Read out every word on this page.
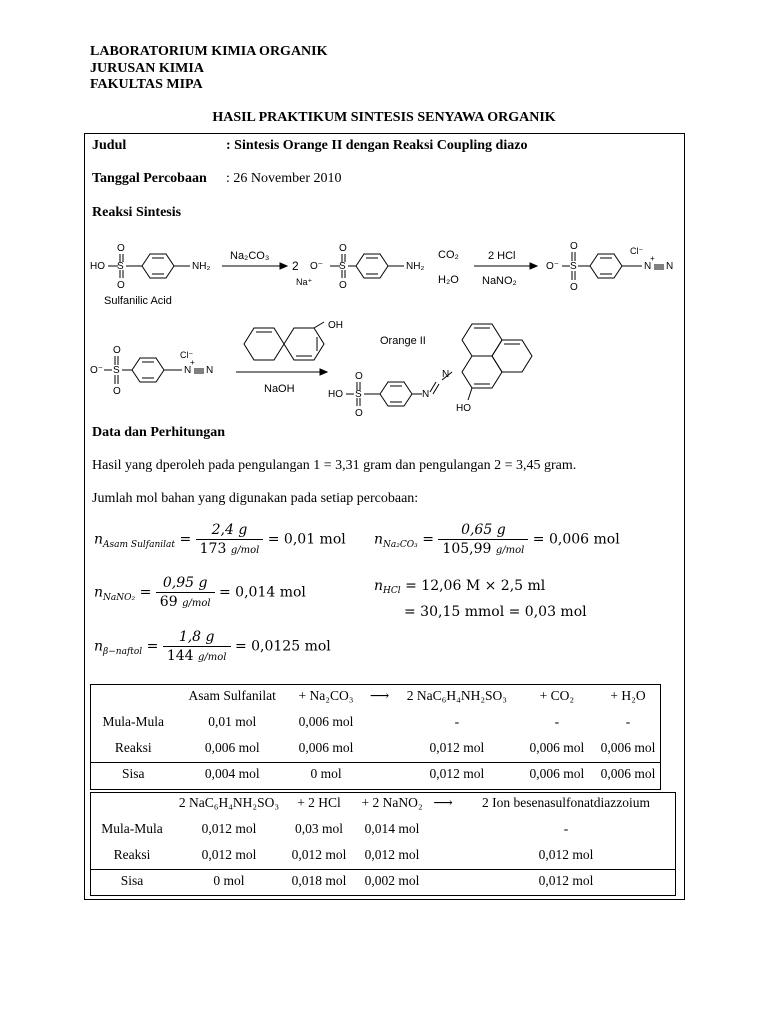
LABORATORIUM KIMIA ORGANIK
JURUSAN KIMIA
FAKULTAS MIPA
HASIL PRAKTIKUM SINTESIS SENYAWA ORGANIK
Judul	: Sintesis Orange II dengan Reaksi Coupling diazo
Tanggal Percobaan : 26 November 2010
Reaksi Sintesis
HO S
O
O
NH₂
Sulfanilic Acid
Na₂CO₃
2 O⁻ S
O
O
Na⁺
NH₂
CO₂
H₂O
2 HCl
NaNO₂
O⁻ S
O
O
Cl⁻
N
+
N
O⁻ S
O
O
Cl⁻
N
+
N
OH
NaOH
Orange II
HO S
O
O
N
N
HO
Data dan Perhitungan
Hasil yang dperoleh pada pengulangan 1 = 3,31 gram dan pengulangan 2 = 3,45 gram.
Jumlah mol bahan yang digunakan pada setiap percobaan:
$n_{Asam Sulfanilat} = \frac{2,4 g}{\text{173 g/mol}} = 0,01$ mol $n_{Na_2CO_3} = \frac{0,65 g}{\text{105,99 g/mol}} = 0,006$ mol
$n_{NaNO_2} = \frac{0,95 g}{\text{69 g/mol}} = 0,014$ mol	$n_{HCl} = 12,06$ M × 2,5 ml
= 30,15 mmol = 0,03 mol
$n_{\beta-naftol} = \frac{1,8 g}{\text{144 g/mol}} = 0,0125$ mol
	Asam Sulfanilat	+ Na₂CO₃	⟶	2 NaC₆H₄NH₂SO₃	+ CO₂	+ H₂O
Mula-Mula	0,01 mol	0,006 mol		-	-	-
Reaksi	0,006 mol	0,006 mol		0,012 mol	0,006 mol	0,006 mol
Sisa	0,004 mol	0 mol		0,012 mol	0,006 mol	0,006 mol
	2 NaC₆H₄NH₂SO₃	+ 2 HCl	+ 2 NaNO₂	⟶	2 Ion besenasulfonatdiazzoium
Mula-Mula	0,012 mol	0,03 mol	0,014 mol		-
Reaksi	0,012 mol	0,012 mol	0,012 mol		0,012 mol
Sisa	0 mol	0,018 mol	0,002 mol		0,012 mol
